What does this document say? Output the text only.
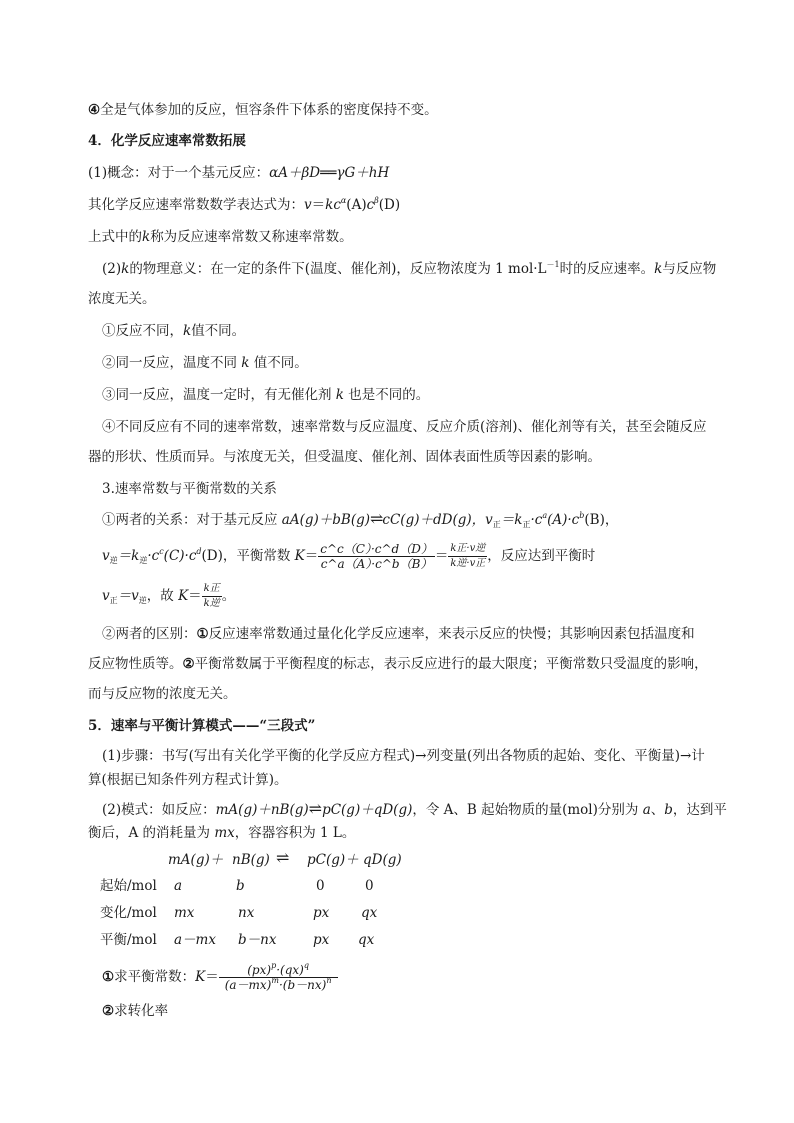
④全是气体参加的反应，恒容条件下体系的密度保持不变。
4．化学反应速率常数拓展
(1)概念：对于一个基元反应：αA＋βD══γG＋hH
其化学反应速率常数数学表达式为：$v=kc^\alpha(A)c^\beta(D)$
上式中的k称为反应速率常数又称速率常数。
(2)k的物理意义：在一定的条件下(温度、催化剂)，反应物浓度为 1 $mol\cdot L^{-1}$时的反应速率。k与反应物
浓度无关。
①反应不同，k值不同。
②同一反应，温度不同 k 值不同。
③同一反应，温度一定时，有无催化剂 k 也是不同的。
④不同反应有不同的速率常数，速率常数与反应温度、反应介质(溶剂)、催化剂等有关，甚至会随反应
器的形状、性质而异。与浓度无关，但受温度、催化剂、固体表面性质等因素的影响。
3.速率常数与平衡常数的关系
①两者的关系：对于基元反应 aA(g)＋bB(g)⇌cC(g)＋dD(g)，$v_正=k_正\cdot c^a(A)\cdot c^b(B)$，
$v_逆=k_逆\cdot c^c(C)\cdot c^d(D)$，平衡常数 $K= \frac{c\^{}c(C)\cdot c\^{}d(D)}{c\^{}a(A)\cdot c\^{}b(B)} = \frac{\text{k正·v逆}}{\text{k逆·v正}}$ ，反应达到平衡时
$v_正=v_逆$，故 $K= \frac{\text{k正}}{\text{k逆}}$ 。
②两者的区别：①反应速率常数通过量化化学反应速率，来表示反应的快慢；其影响因素包括温度和
反应物性质等。②平衡常数属于平衡程度的标志，表示反应进行的最大限度；平衡常数只受温度的影响，
而与反应物的浓度无关。
5．速率与平衡计算模式——“三段式”
(1)步骤：书写(写出有关化学平衡的化学反应方程式)→列变量(列出各物质的起始、变化、平衡量)→计
算(根据已知条件列方程式计算)。
(2)模式：如反应：mA(g)＋nB(g)⇌pC(g)＋qD(g)，令 A、B 起始物质的量(mol)分别为 a、b，达到平
衡后，A 的消耗量为 mx，容器容积为 1 L。
mA(g)＋ nB(g) ⇌ pC(g)＋ qD(g)
起始/mol a	b	0	0
变化/mol mx	nx	px qx
平衡/mol a－mx b－nx	px qx
①求平衡常数：$K= \frac{(px)^p\cdot(qx)^q}{(a-mx)^m\cdot(b-nx)^n}$
②求转化率
